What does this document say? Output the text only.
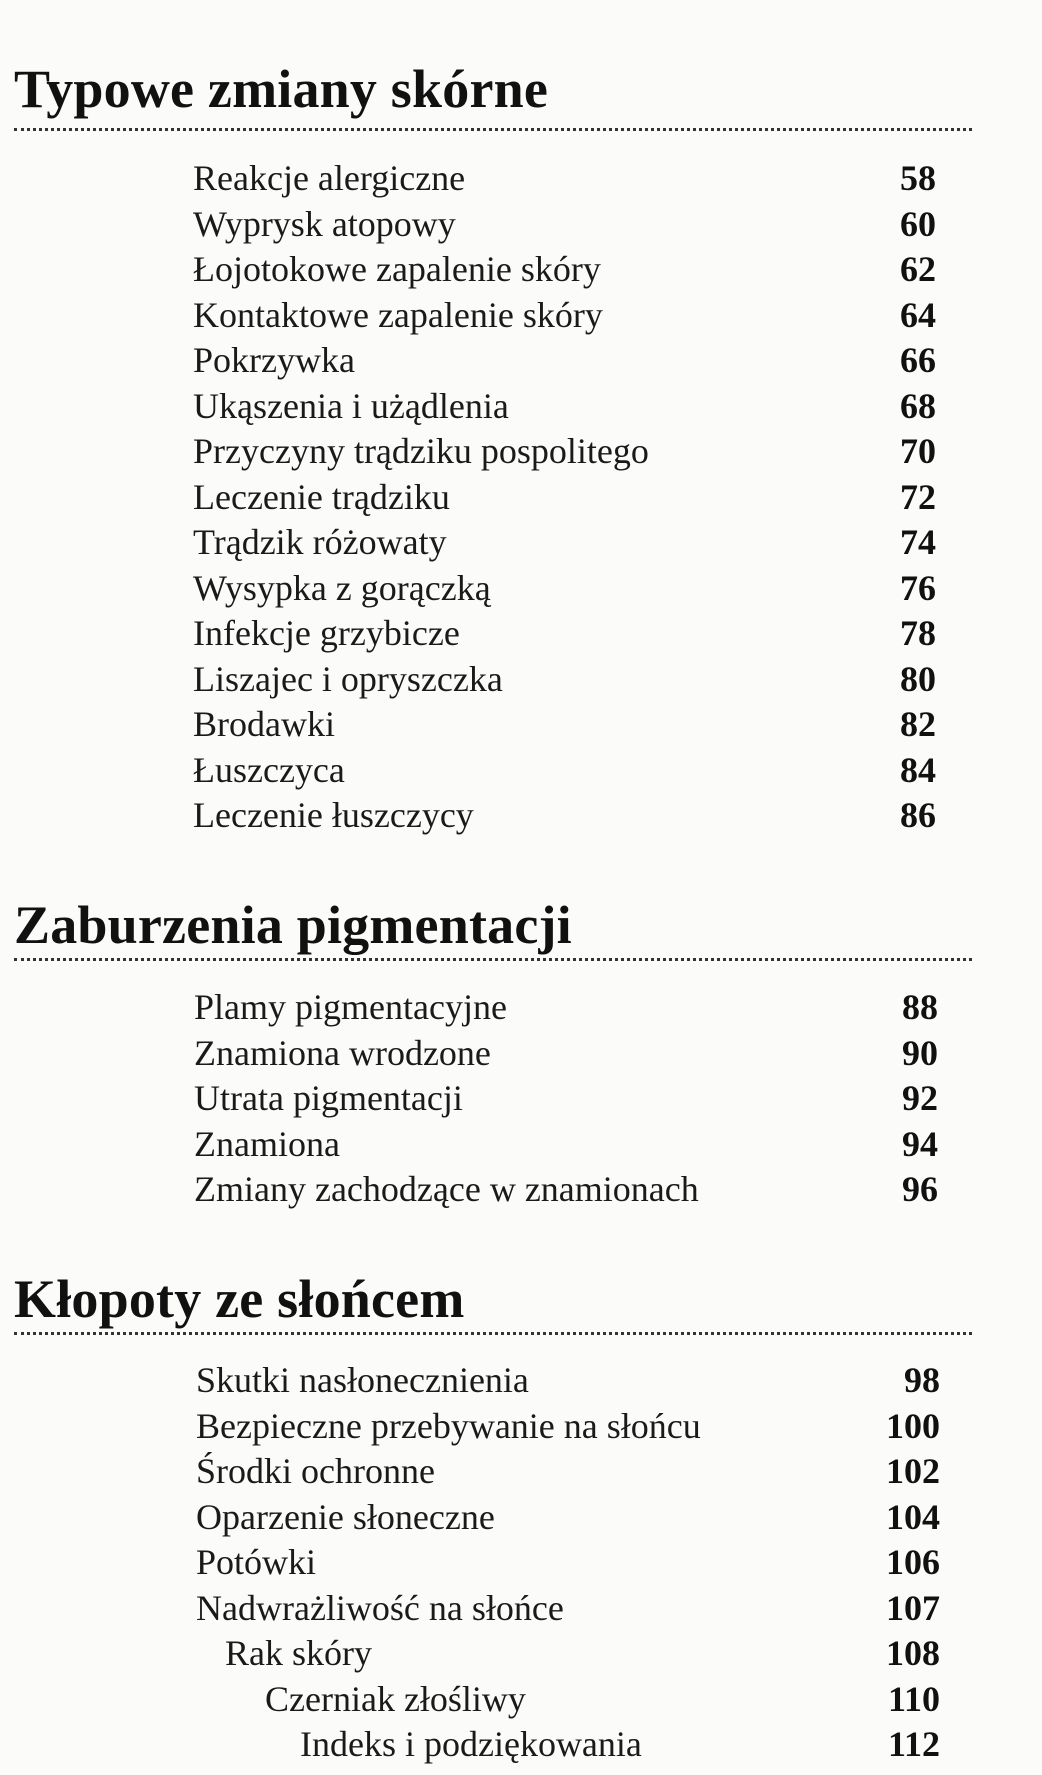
Typowe zmiany skórne
Reakcje alergiczne	58
Wyprysk atopowy	60
Łojotokowe zapalenie skóry	62
Kontaktowe zapalenie skóry	64
Pokrzywka	66
Ukąszenia i użądlenia	68
Przyczyny trądziku pospolitego	70
Leczenie trądziku	72
Trądzik różowaty	74
Wysypka z gorączką	76
Infekcje grzybicze	78
Liszajec i opryszczka	80
Brodawki	82
Łuszczyca	84
Leczenie łuszczycy	86
Zaburzenia pigmentacji
Plamy pigmentacyjne	88
Znamiona wrodzone	90
Utrata pigmentacji	92
Znamiona	94
Zmiany zachodzące w znamionach	96
Kłopoty ze słońcem
Skutki nasłonecznienia	98
Bezpieczne przebywanie na słońcu	100
Środki ochronne	102
Oparzenie słoneczne	104
Potówki	106
Nadwrażliwość na słońce	107
Rak skóry	108
Czerniak złośliwy	110
Indeks i podziękowania	112
